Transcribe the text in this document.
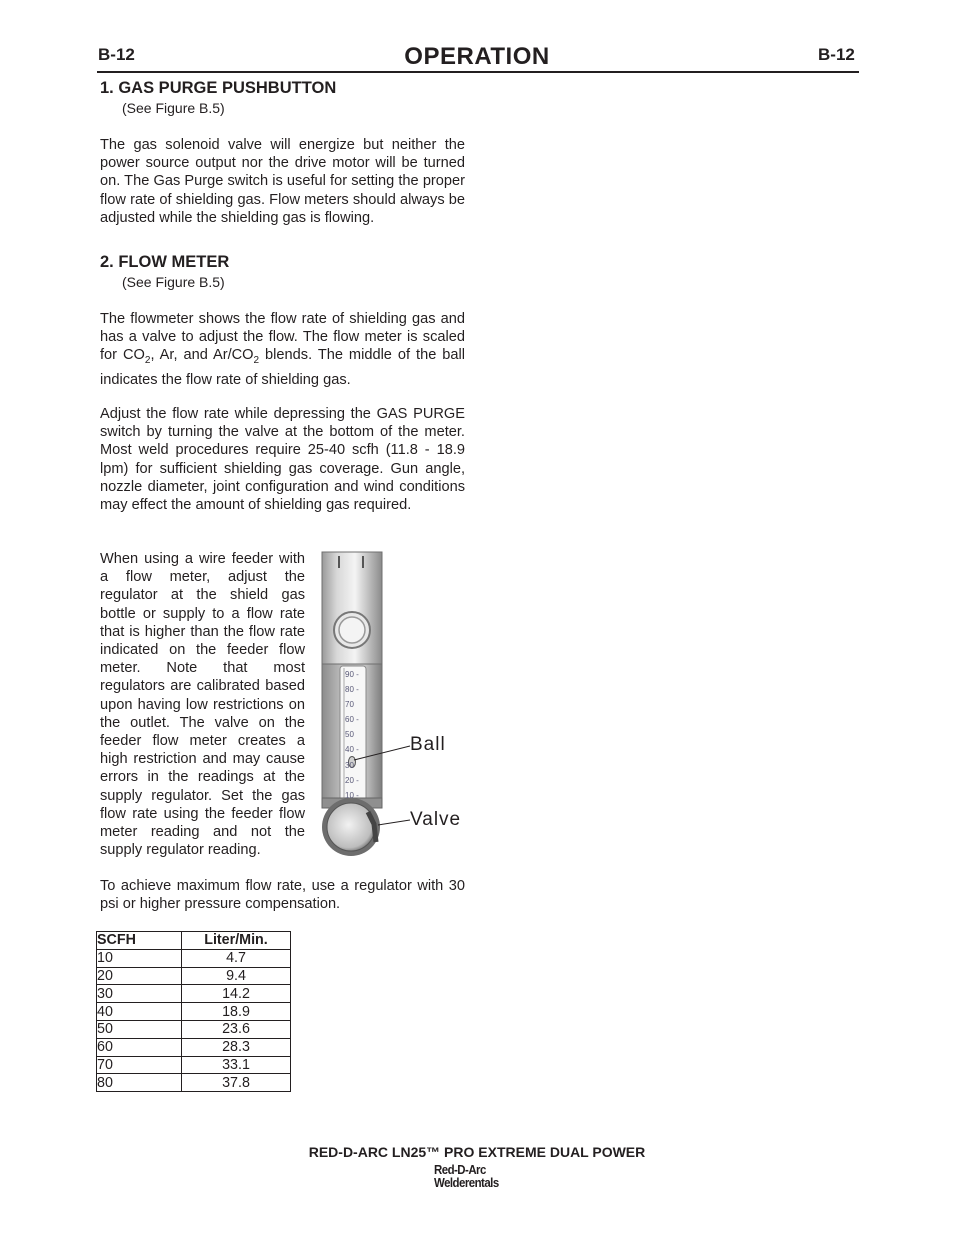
B-12	OPERATION	B-12
1. GAS PURGE PUSHBUTTON
(See Figure B.5)
The gas solenoid valve will energize but neither the power source output nor the drive motor will be turned on. The Gas Purge switch is useful for setting the proper flow rate of shielding gas. Flow meters should always be adjusted while the shielding gas is flowing.
2. FLOW METER
(See Figure B.5)
The flowmeter shows the flow rate of shielding gas and has a valve to adjust the flow. The flow meter is scaled for $CO_2$, Ar, and $Ar/CO_2$ blends. The middle of the ball indicates the flow rate of shielding gas.
Adjust the flow rate while depressing the GAS PURGE switch by turning the valve at the bottom of the meter. Most weld procedures require 25-40 scfh (11.8 - 18.9 lpm) for sufficient shielding gas coverage. Gun angle, nozzle diameter, joint configuration and wind conditions may effect the amount of shielding gas required.
When using a wire feeder with a flow meter, adjust the regulator at the shield gas bottle or supply to a flow rate that is higher than the flow rate indicated on the feeder flow meter. Note that most regulators are calibrated based upon having low restrictions on the outlet. The valve on the feeder flow meter creates a high restriction and may cause errors in the readings at the supply regulator. Set the gas flow rate using the feeder flow meter reading and not the supply regulator reading.
90 -
80 -
70
60 -
50
40 -
30
20 -
10 -
Ball
Valve
To achieve maximum flow rate, use a regulator with 30 psi or higher pressure compensation.
SCFH	Liter/Min.
10	4.7
20	9.4
30	14.2
40	18.9
50	23.6
60	28.3
70	33.1
80	37.8
RED-D-ARC LN25™ PRO EXTREME DUAL POWER
Red-D-Arc
Welderentals
